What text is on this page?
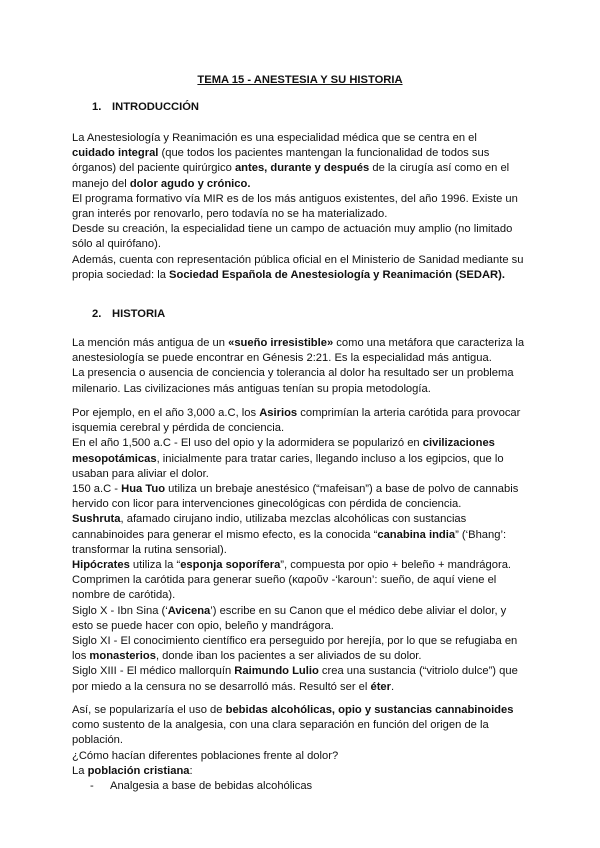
TEMA 15 - ANESTESIA Y SU HISTORIA
1. INTRODUCCIÓN

La Anestesiología y Reanimación es una especialidad médica que se centra en el
cuidado integral (que todos los pacientes mantengan la funcionalidad de todos sus órganos) del paciente quirúrgico antes, durante y después de la cirugía así como en el manejo del dolor agudo y crónico.

El programa formativo vía MIR es de los más antiguos existentes, del año 1996. Existe un gran interés por renovarlo, pero todavía no se ha materializado.

Desde su creación, la especialidad tiene un campo de actuación muy amplio (no limitado sólo al quirófano).

Además, cuenta con representación pública oficial en el Ministerio de Sanidad mediante su propia sociedad: la Sociedad Española de Anestesiología y Reanimación (SEDAR).

2. HISTORIA

La mención más antigua de un «sueño irresistible» como una metáfora que caracteriza la anestesiología se puede encontrar en Génesis 2:21. Es la especialidad más antigua.

La presencia o ausencia de conciencia y tolerancia al dolor ha resultado ser un problema milenario. Las civilizaciones más antiguas tenían su propia metodología.

Por ejemplo, en el año 3,000 a.C, los Asirios comprimían la arteria carótida para provocar isquemia cerebral y pérdida de conciencia.

En el año 1,500 a.C - El uso del opio y la adormidera se popularizó en civilizaciones mesopotámicas, inicialmente para tratar caries, llegando incluso a los egipcios, que lo usaban para aliviar el dolor.

150 a.C - Hua Tuo utiliza un brebaje anestésico (“mafeisan”) a base de polvo de cannabis hervido con licor para intervenciones ginecológicas con pérdida de conciencia.

Sushruta, afamado cirujano indio, utilizaba mezclas alcohólicas con sustancias cannabinoides para generar el mismo efecto, es la conocida “canabina india” (‘Bhang’: transformar la rutina sensorial).

Hipócrates utiliza la “esponja soporífera”, compuesta por opio + beleño + mandrágora. Comprimen la carótida para generar sueño (καροῦν -‘karoun’: sueño, de aquí viene el nombre de carótida).

Siglo X - Ibn Sina (‘Avicena’) escribe en su Canon que el médico debe aliviar el dolor, y esto se puede hacer con opio, beleño y mandrágora.

Siglo XI - El conocimiento científico era perseguido por herejía, por lo que se refugiaba en los monasterios, donde iban los pacientes a ser aliviados de su dolor.

Siglo XIII - El médico mallorquín Raimundo Lulio crea una sustancia (“vitriolo dulce”) que por miedo a la censura no se desarrolló más. Resultó ser el éter.

Así, se popularizaría el uso de bebidas alcohólicas, opio y sustancias cannabinoides como sustento de la analgesia, con una clara separación en función del origen de la población.

¿Cómo hacían diferentes poblaciones frente al dolor?

La población cristiana:

- Analgesia a base de bebidas alcohólicas
